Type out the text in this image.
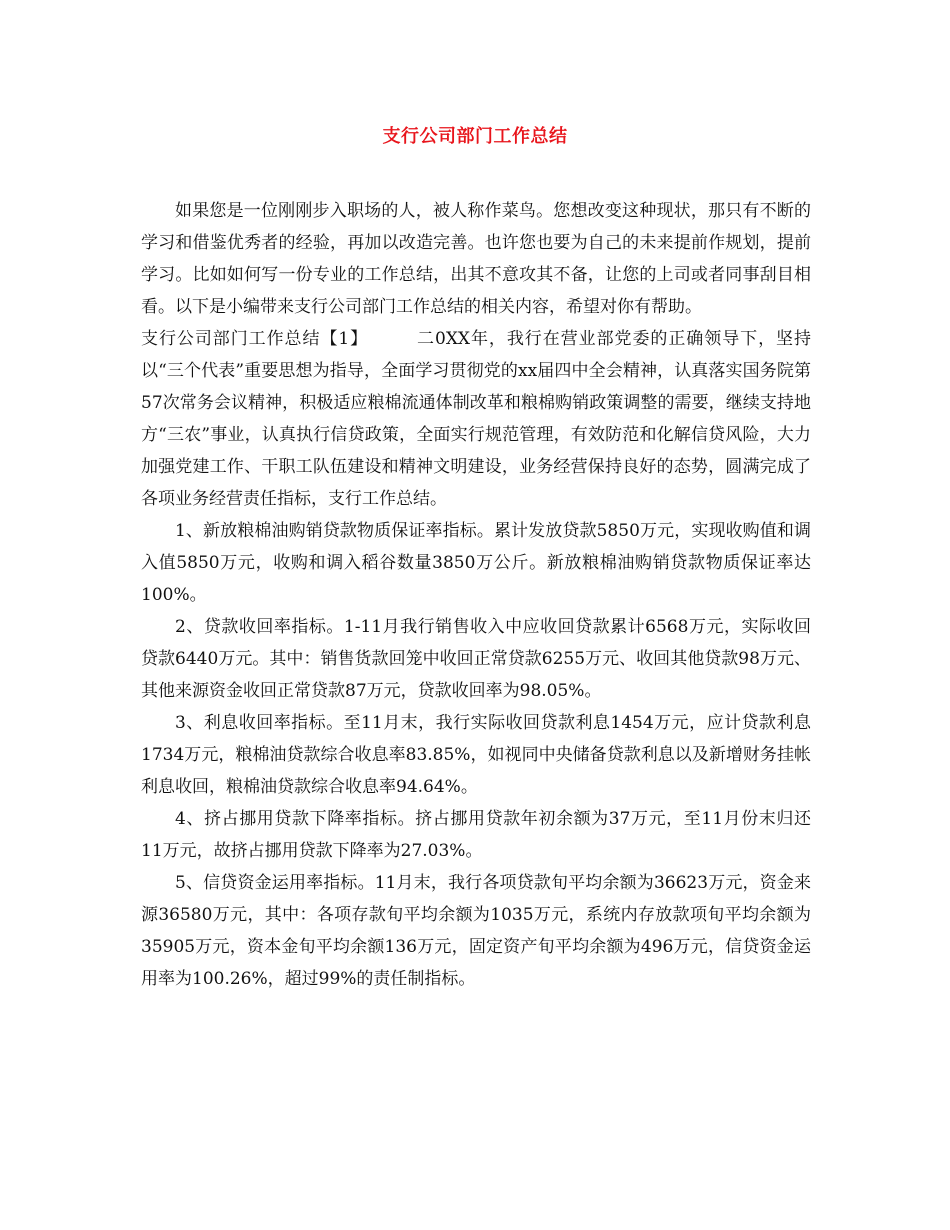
支行公司部门工作总结

如果您是一位刚刚步入职场的人，被人称作菜鸟。您想改变这种现状，那只有不断的学习和借鉴优秀者的经验，再加以改造完善。也许您也要为自己的未来提前作规划，提前学习。比如如何写一份专业的工作总结，出其不意攻其不备，让您的上司或者同事刮目相看。以下是小编带来支行公司部门工作总结的相关内容，希望对你有帮助。

支行公司部门工作总结【1】	二0XX年，我行在营业部党委的正确领导下，坚持以“三个代表”重要思想为指导，全面学习贯彻党的xx届四中全会精神，认真落实国务院第57次常务会议精神，积极适应粮棉流通体制改革和粮棉购销政策调整的需要，继续支持地方“三农”事业，认真执行信贷政策，全面实行规范管理，有效防范和化解信贷风险，大力加强党建工作、干职工队伍建设和精神文明建设，业务经营保持良好的态势，圆满完成了各项业务经营责任指标，支行工作总结。

1、新放粮棉油购销贷款物质保证率指标。累计发放贷款5850万元，实现收购值和调入值5850万元，收购和调入稻谷数量3850万公斤。新放粮棉油购销贷款物质保证率达100%。

2、贷款收回率指标。1-11月我行销售收入中应收回贷款累计6568万元，实际收回贷款6440万元。其中：销售货款回笼中收回正常贷款6255万元、收回其他贷款98万元、其他来源资金收回正常贷款87万元，贷款收回率为98.05%。

3、利息收回率指标。至11月末，我行实际收回贷款利息1454万元，应计贷款利息1734万元，粮棉油贷款综合收息率83.85%，如视同中央储备贷款利息以及新增财务挂帐利息收回，粮棉油贷款综合收息率94.64%。

4、挤占挪用贷款下降率指标。挤占挪用贷款年初余额为37万元，至11月份末归还11万元，故挤占挪用贷款下降率为27.03%。

5、信贷资金运用率指标。11月末，我行各项贷款旬平均余额为36623万元，资金来源36580万元，其中：各项存款旬平均余额为1035万元，系统内存放款项旬平均余额为35905万元，资本金旬平均余额136万元，固定资产旬平均余额为496万元，信贷资金运用率为100.26%，超过99%的责任制指标。
